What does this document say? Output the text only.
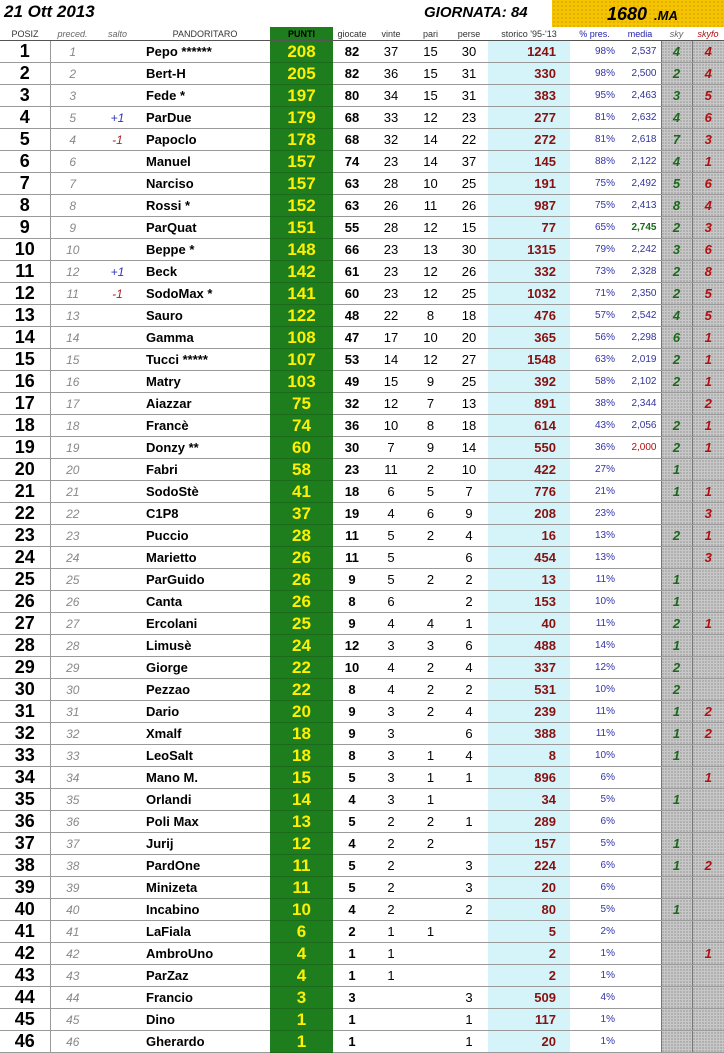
21 Ott 2013	GIORNATA: 84	1680 .MA
POSIZ	preced.	salto	PANDORITARO	PUNTI	giocate	vinte	pari	perse	storico '95-'13	% pres.	media	sky	skyfo
1	1		Pepo ******	208	82	37	15	30	1241	98%	2,537	4	4
2	2		Bert-H	205	82	36	15	31	330	98%	2,500	2	4
3	3		Fede *	197	80	34	15	31	383	95%	2,463	3	5
4	5	+1	ParDue	179	68	33	12	23	277	81%	2,632	4	6
5	4	-1	Papoclo	178	68	32	14	22	272	81%	2,618	7	3
6	6		Manuel	157	74	23	14	37	145	88%	2,122	4	1
7	7		Narciso	157	63	28	10	25	191	75%	2,492	5	6
8	8		Rossi *	152	63	26	11	26	987	75%	2,413	8	4
9	9		ParQuat	151	55	28	12	15	77	65%	2,745	2	3
10	10		Beppe *	148	66	23	13	30	1315	79%	2,242	3	6
11	12	+1	Beck	142	61	23	12	26	332	73%	2,328	2	8
12	11	-1	SodoMax *	141	60	23	12	25	1032	71%	2,350	2	5
13	13		Sauro	122	48	22	8	18	476	57%	2,542	4	5
14	14		Gamma	108	47	17	10	20	365	56%	2,298	6	1
15	15		Tucci *****	107	53	14	12	27	1548	63%	2,019	2	1
16	16		Matry	103	49	15	9	25	392	58%	2,102	2	1
17	17		Aiazzar	75	32	12	7	13	891	38%	2,344		2
18	18		Francè	74	36	10	8	18	614	43%	2,056	2	1
19	19		Donzy **	60	30	7	9	14	550	36%	2,000	2	1
20	20		Fabri	58	23	11	2	10	422	27%		1	
21	21		SodoStè	41	18	6	5	7	776	21%		1	1
22	22		C1P8	37	19	4	6	9	208	23%			3
23	23		Puccio	28	11	5	2	4	16	13%		2	1
24	24		Marietto	26	11	5		6	454	13%			3
25	25		ParGuido	26	9	5	2	2	13	11%		1	
26	26		Canta	26	8	6		2	153	10%		1	
27	27		Ercolani	25	9	4	4	1	40	11%		2	1
28	28		Limusè	24	12	3	3	6	488	14%		1	
29	29		Giorge	22	10	4	2	4	337	12%		2	
30	30		Pezzao	22	8	4	2	2	531	10%		2	
31	31		Dario	20	9	3	2	4	239	11%		1	2
32	32		Xmalf	18	9	3		6	388	11%		1	2
33	33		LeoSalt	18	8	3	1	4	8	10%		1	
34	34		Mano M.	15	5	3	1	1	896	6%			1
35	35		Orlandi	14	4	3	1		34	5%		1	
36	36		Poli Max	13	5	2	2	1	289	6%			
37	37		Jurij	12	4	2	2		157	5%		1	
38	38		PardOne	11	5	2		3	224	6%		1	2
39	39		Minizeta	11	5	2		3	20	6%			
40	40		Incabino	10	4	2		2	80	5%		1	
41	41		LaFiala	6	2	1	1		5	2%			
42	42		AmbroUno	4	1	1			2	1%			1
43	43		ParZaz	4	1	1			2	1%			
44	44		Francio	3	3			3	509	4%			
45	45		Dino	1	1			1	117	1%			
46	46		Gherardo	1	1			1	20	1%			
